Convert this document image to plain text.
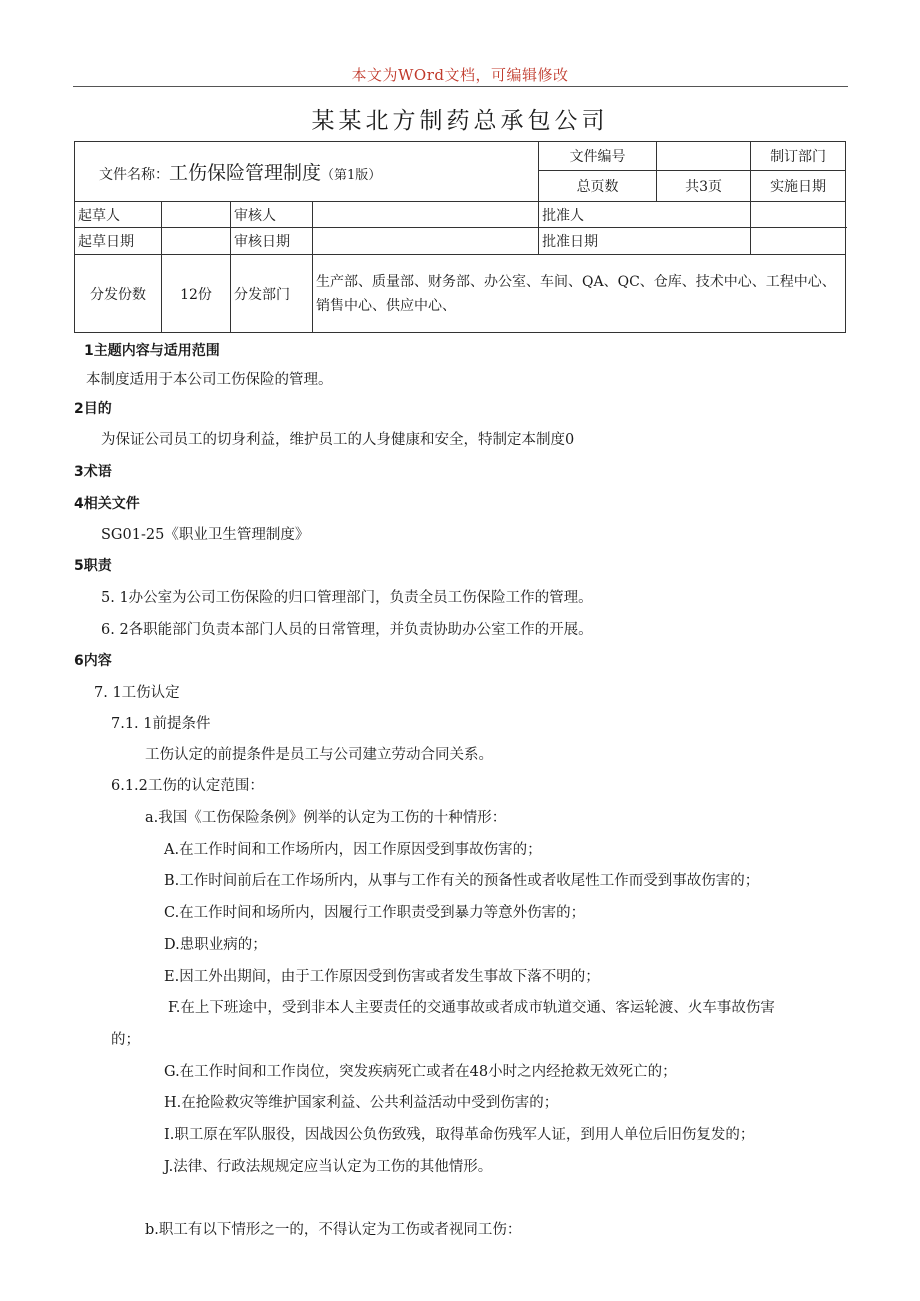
本文为WOrd文档，可编辑修改
某某北方制药总承包公司
文件名称：工伤保险管理制度（第1版）				文件编号		制订部门	
				总页数	共3页	实施日期	
起草人		审核人		批准人			
起草日期		审核日期		批准日期			
分发份数	12份	分发部门	生产部、质量部、财务部、办公室、车间、QA、QC、仓库、技术中心、工程中心、销售中心、供应中心、				
1主题内容与适用范围
本制度适用于本公司工伤保险的管理。
2目的
为保证公司员工的切身利益，维护员工的人身健康和安全，特制定本制度0
3术语
4相关文件
SG01-25《职业卫生管理制度》
5职责
5. 1办公室为公司工伤保险的归口管理部门，负责全员工伤保险工作的管理。
6. 2各职能部门负责本部门人员的日常管理，并负责协助办公室工作的开展。
6内容
7. 1工伤认定
7.1. 1前提条件
工伤认定的前提条件是员工与公司建立劳动合同关系。
6.1.2工伤的认定范围：
a.我国《工伤保险条例》例举的认定为工伤的十种情形：
A.在工作时间和工作场所内，因工作原因受到事故伤害的；
B.工作时间前后在工作场所内，从事与工作有关的预备性或者收尾性工作而受到事故伤害的；
C.在工作时间和场所内，因履行工作职责受到暴力等意外伤害的；
D.患职业病的；
E.因工外出期间，由于工作原因受到伤害或者发生事故下落不明的；
F.在上下班途中，受到非本人主要责任的交通事故或者成市轨道交通、客运轮渡、火车事故伤害
的；
G.在工作时间和工作岗位，突发疾病死亡或者在48小时之内经抢救无效死亡的；
H.在抢险救灾等维护国家利益、公共利益活动中受到伤害的；
I.职工原在军队服役，因战因公负伤致残，取得革命伤残军人证，到用人单位后旧伤复发的；
J.法律、行政法规规定应当认定为工伤的其他情形。
b.职工有以下情形之一的，不得认定为工伤或者视同工伤：
